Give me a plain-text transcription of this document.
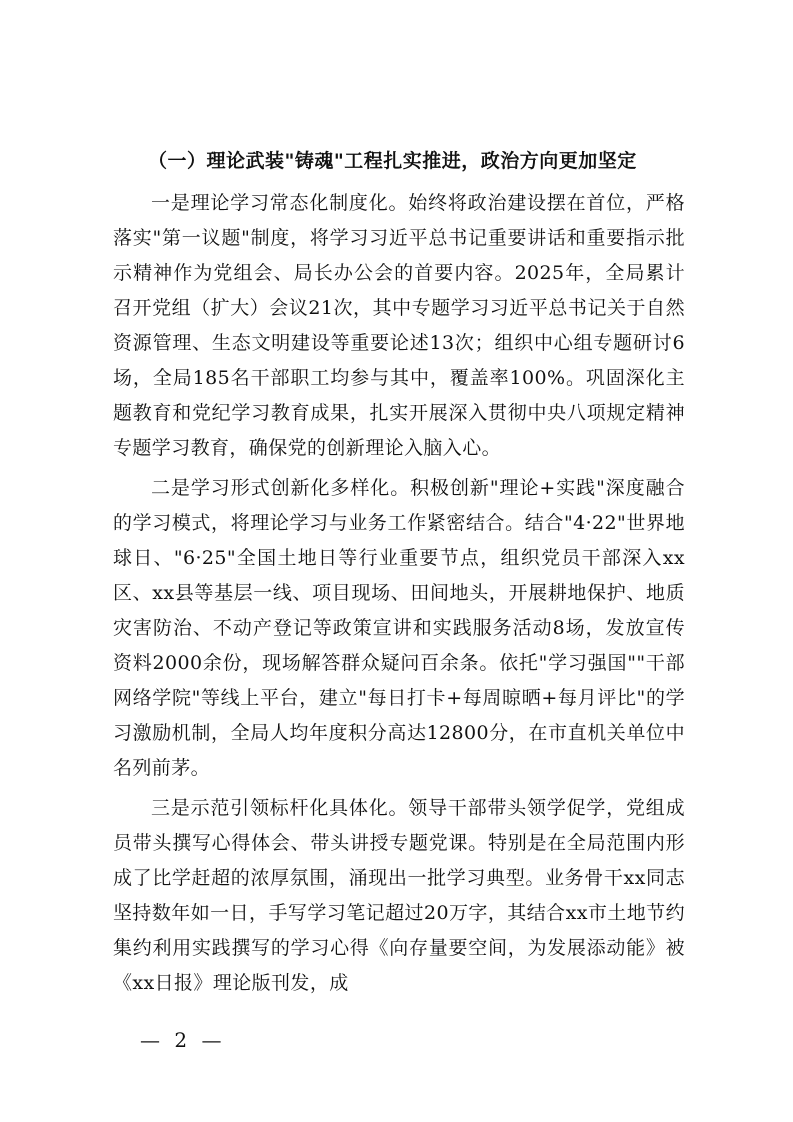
（一）理论武装"铸魂"工程扎实推进，政治方向更加坚定

一是理论学习常态化制度化。始终将政治建设摆在首位，严格落实"第一议题"制度，将学习习近平总书记重要讲话和重要指示批示精神作为党组会、局长办公会的首要内容。2025年，全局累计召开党组（扩大）会议21次，其中专题学习习近平总书记关于自然资源管理、生态文明建设等重要论述13次；组织中心组专题研讨6场，全局185名干部职工均参与其中，覆盖率100%。巩固深化主题教育和党纪学习教育成果，扎实开展深入贯彻中央八项规定精神专题学习教育，确保党的创新理论入脑入心。

二是学习形式创新化多样化。积极创新"理论+实践"深度融合的学习模式，将理论学习与业务工作紧密结合。结合"4·22"世界地球日、"6·25"全国土地日等行业重要节点，组织党员干部深入xx区、xx县等基层一线、项目现场、田间地头，开展耕地保护、地质灾害防治、不动产登记等政策宣讲和实践服务活动8场，发放宣传资料2000余份，现场解答群众疑问百余条。依托"学习强国""干部网络学院"等线上平台，建立"每日打卡+每周晾晒+每月评比"的学习激励机制，全局人均年度积分高达12800分，在市直机关单位中名列前茅。

三是示范引领标杆化具体化。领导干部带头领学促学，党组成员带头撰写心得体会、带头讲授专题党课。特别是在全局范围内形成了比学赶超的浓厚氛围，涌现出一批学习典型。业务骨干xx同志坚持数年如一日，手写学习笔记超过20万字，其结合xx市土地节约集约利用实践撰写的学习心得《向存量要空间，为发展添动能》被《xx日报》理论版刊发，成

— 2 —
